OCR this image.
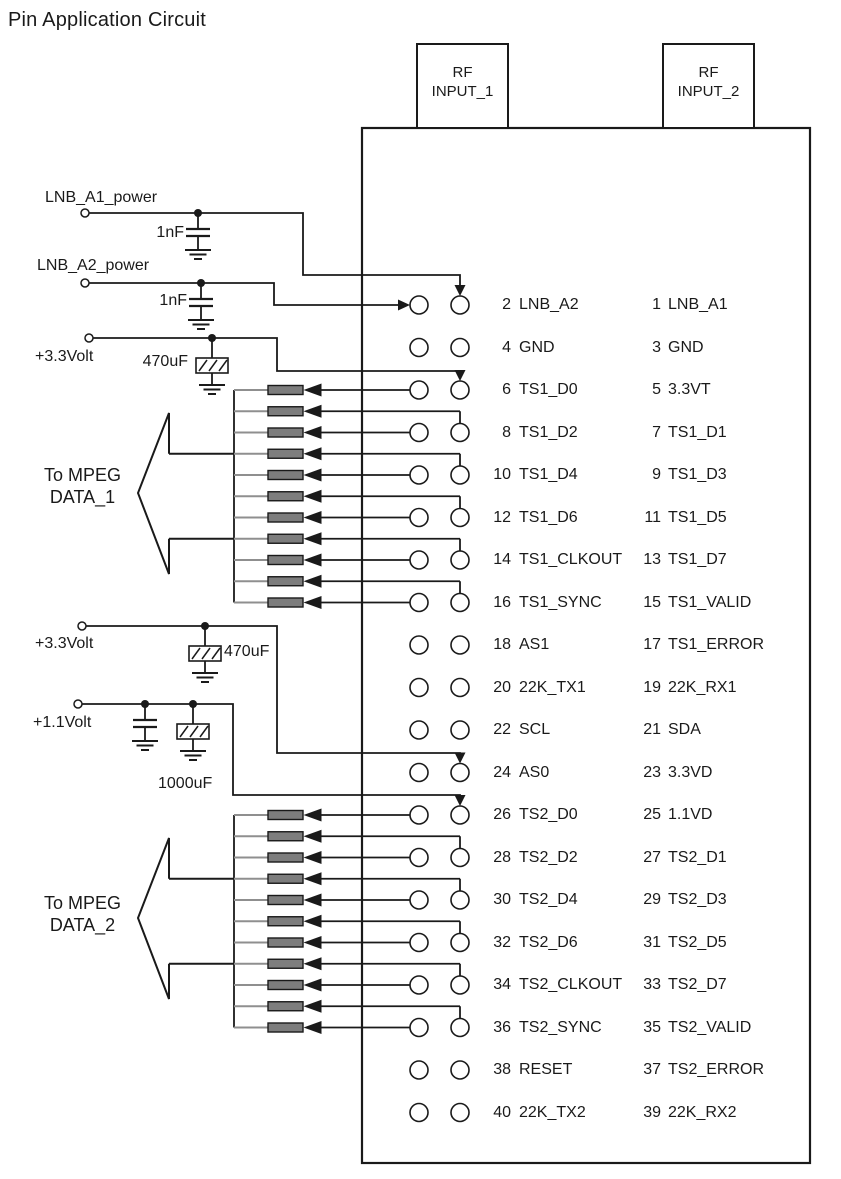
Pin Application Circuit
RF
INPUT_1
RF
INPUT_2
LNB_A1_power
1nF
LNB_A2_power
1nF
+3.3Volt	470uF
+3.3Volt	470uF
+1.1Volt
1000uF
To MPEG
DATA_1
To MPEG
DATA_2
2 LNB_A2	1 LNB_A1
4 GND	3 GND
6 TS1_D0	5 3.3VT
8 TS1_D2	7 TS1_D1
10 TS1_D4	9 TS1_D3
12 TS1_D6	11 TS1_D5
14 TS1_CLKOUT	13 TS1_D7
16 TS1_SYNC	15 TS1_VALID
18 AS1	17 TS1_ERROR
20 22K_TX1	19 22K_RX1
22 SCL	21 SDA
24 AS0	23 3.3VD
26 TS2_D0	25 1.1VD
28 TS2_D2	27 TS2_D1
30 TS2_D4	29 TS2_D3
32 TS2_D6	31 TS2_D5
34 TS2_CLKOUT	33 TS2_D7
36 TS2_SYNC	35 TS2_VALID
38 RESET	37 TS2_ERROR
40 22K_TX2	39 22K_RX2
